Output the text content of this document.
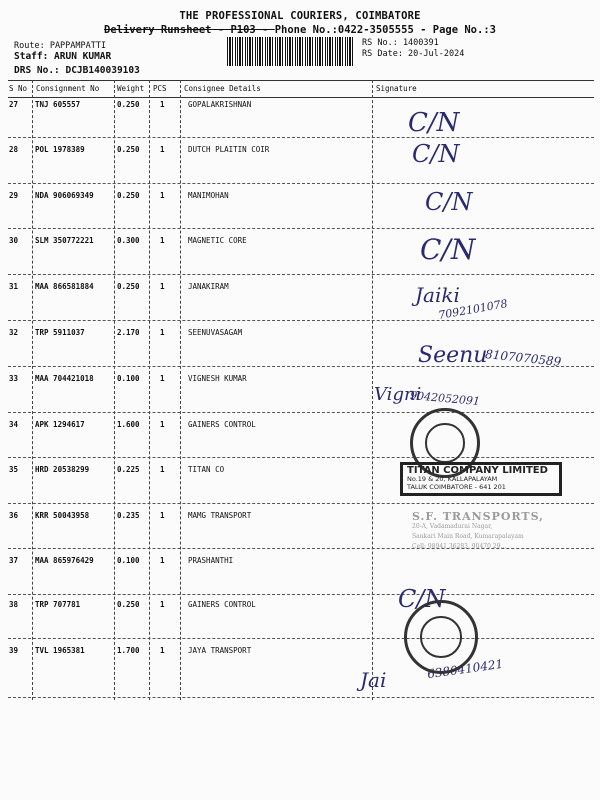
THE PROFESSIONAL COURIERS, COIMBATORE
Delivery Runsheet - P103 - Phone No.:0422-3505555 - Page No.:3
Route: PAPPAMPATTI
Staff: ARUN KUMAR
DRS No.: DCJB140039103
RS No.: 1400391
RS Date: 20-Jul-2024
S No Consignment No Weight PCS Consignee Details	Signature
27 TNJ 605557	0.250	1	GOPALAKRISHNAN
28 POL 1978389	0.250	1	DUTCH PLAITIN COIR
29 NDA 906069349	0.250	1	MANIMOHAN
30 SLM 350772221	0.300	1	MAGNETIC CORE
31 MAA 866581884	0.250	1	JANAKIRAM
32 TRP 5911037	2.170	1	SEENUVASAGAM
33 MAA 704421018	0.100	1	VIGNESH KUMAR
34 APK 1294617	1.600	1	GAINERS CONTROL
35 HRD 20538299	0.225	1	TITAN CO
36 KRR 50043958	0.235	1	MAMG TRANSPORT
37 MAA 865976429	0.100	1	PRASHANTHI
38 TRP 707781	0.250	1	GAINERS CONTROL
39 TVL 1965381	1.700	1	JAYA TRANSPORT
C/N
C/N
C/N
C/N
Jaiki
7092101078
Seenu
8107070589
Vigni
9042052091
C/N
Jai	6380410421
TITAN COMPANY LIMITED
No.19 & 20, KALLAPALAYAM
TALUK COIMBATORE - 641 201
S.F. TRANSPORTS,
20-A, Vadamadurai Nagar,
Sankari Main Road, Kumarapalayam
Cell: 98941 36283, 90470 29...
